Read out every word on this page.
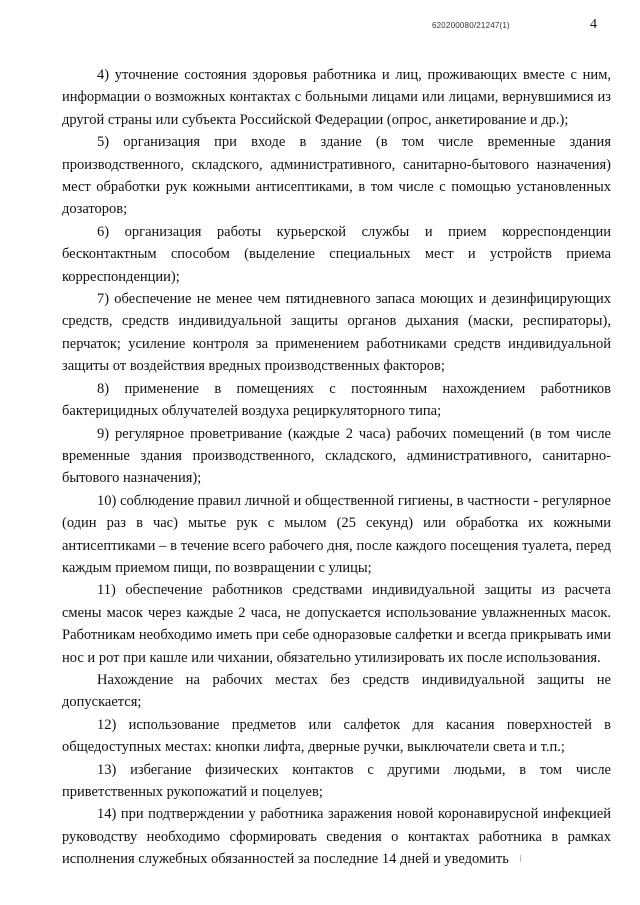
620200080/21247(1)	4

4) уточнение состояния здоровья работника и лиц, проживающих вместе с ним, информации о возможных контактах с больными лицами или лицами, вернувшимися из другой страны или субъекта Российской Федерации (опрос, анкетирование и др.);

5) организация при входе в здание (в том числе временные здания производственного, складского, административного, санитарно-бытового назначения) мест обработки рук кожными антисептиками, в том числе с помощью установленных дозаторов;

6) организация работы курьерской службы и прием корреспонденции бесконтактным способом (выделение специальных мест и устройств приема корреспонденции);

7) обеспечение не менее чем пятидневного запаса моющих и дезинфицирующих средств, средств индивидуальной защиты органов дыхания (маски, респираторы), перчаток; усиление контроля за применением работниками средств индивидуальной защиты от воздействия вредных производственных факторов;

8) применение в помещениях с постоянным нахождением работников бактерицидных облучателей воздуха рециркуляторного типа;

9) регулярное проветривание (каждые 2 часа) рабочих помещений (в том числе временные здания производственного, складского, административного, санитарно-бытового назначения);

10) соблюдение правил личной и общественной гигиены, в частности - регулярное (один раз в час) мытье рук с мылом (25 секунд) или обработка их кожными антисептиками – в течение всего рабочего дня, после каждого посещения туалета, перед каждым приемом пищи, по возвращении с улицы;

11) обеспечение работников средствами индивидуальной защиты из расчета смены масок через каждые 2 часа, не допускается использование увлажненных масок. Работникам необходимо иметь при себе одноразовые салфетки и всегда прикрывать ими нос и рот при кашле или чихании, обязательно утилизировать их после использования.

Нахождение на рабочих местах без средств индивидуальной защиты не допускается;

12) использование предметов или салфеток для касания поверхностей в общедоступных местах: кнопки лифта, дверные ручки, выключатели света и т.п.;

13) избегание физических контактов с другими людьми, в том числе приветственных рукопожатий и поцелуев;

14) при подтверждении у работника заражения новой коронавирусной инфекцией руководству необходимо сформировать сведения о контактах работника в рамках исполнения служебных обязанностей за последние 14 дней и уведомить
